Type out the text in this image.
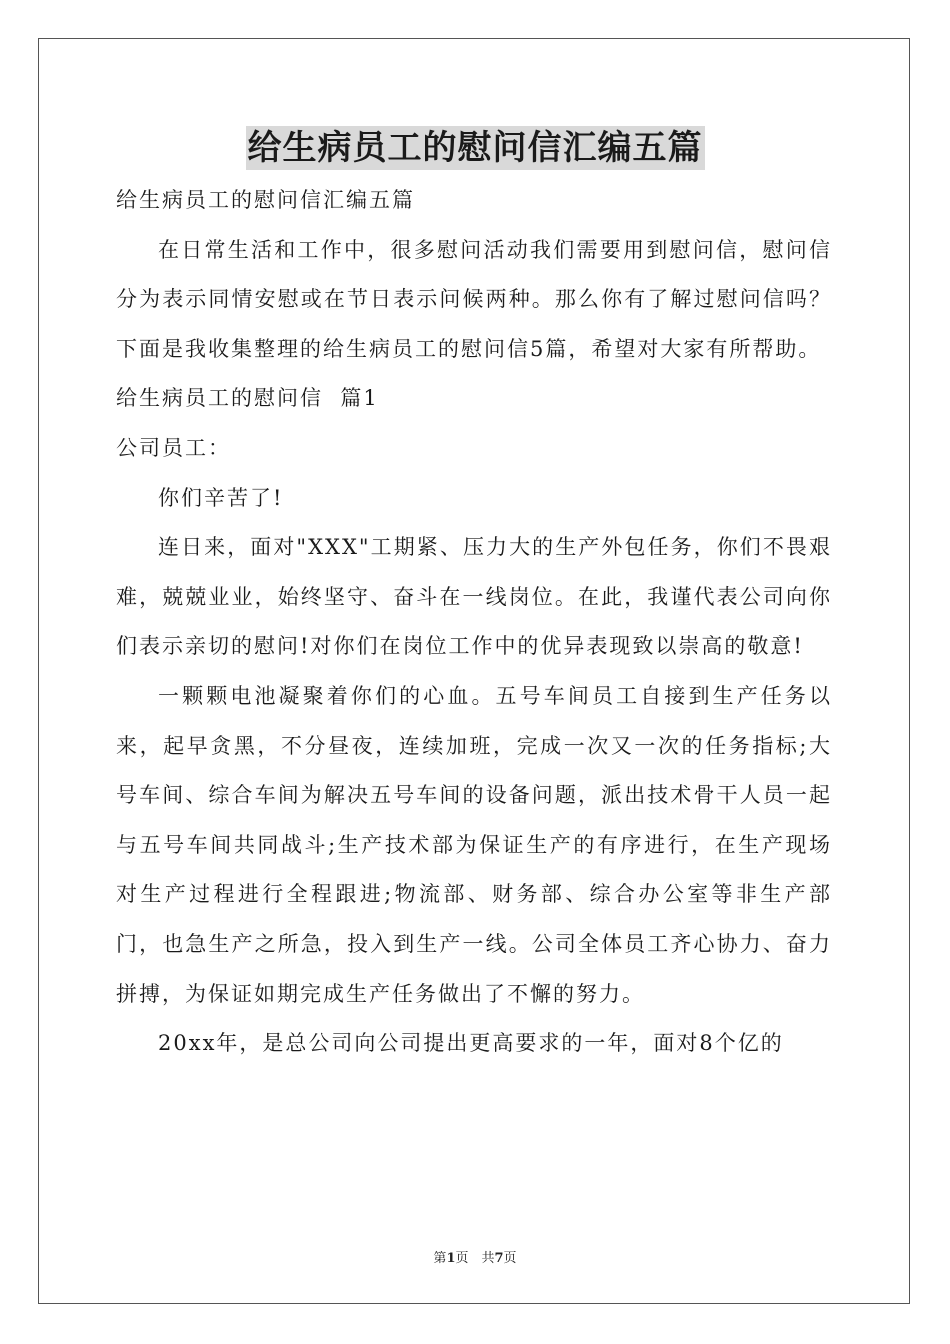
给生病员工的慰问信汇编五篇

给生病员工的慰问信汇编五篇

在日常生活和工作中，很多慰问活动我们需要用到慰问信，慰问信分为表示同情安慰或在节日表示问候两种。那么你有了解过慰问信吗？下面是我收集整理的给生病员工的慰问信5篇，希望对大家有所帮助。

给生病员工的慰问信  篇1

公司员工：

你们辛苦了!

连日来，面对"XXX"工期紧、压力大的生产外包任务，你们不畏艰难，兢兢业业，始终坚守、奋斗在一线岗位。在此，我谨代表公司向你们表示亲切的慰问!对你们在岗位工作中的优异表现致以崇高的敬意!

一颗颗电池凝聚着你们的心血。五号车间员工自接到生产任务以来，起早贪黑，不分昼夜，连续加班，完成一次又一次的任务指标;大号车间、综合车间为解决五号车间的设备问题，派出技术骨干人员一起与五号车间共同战斗;生产技术部为保证生产的有序进行，在生产现场对生产过程进行全程跟进;物流部、财务部、综合办公室等非生产部门，也急生产之所急，投入到生产一线。公司全体员工齐心协力、奋力拼搏，为保证如期完成生产任务做出了不懈的努力。

20xx年，是总公司向公司提出更高要求的一年，面对8个亿的

第1页　共7页
